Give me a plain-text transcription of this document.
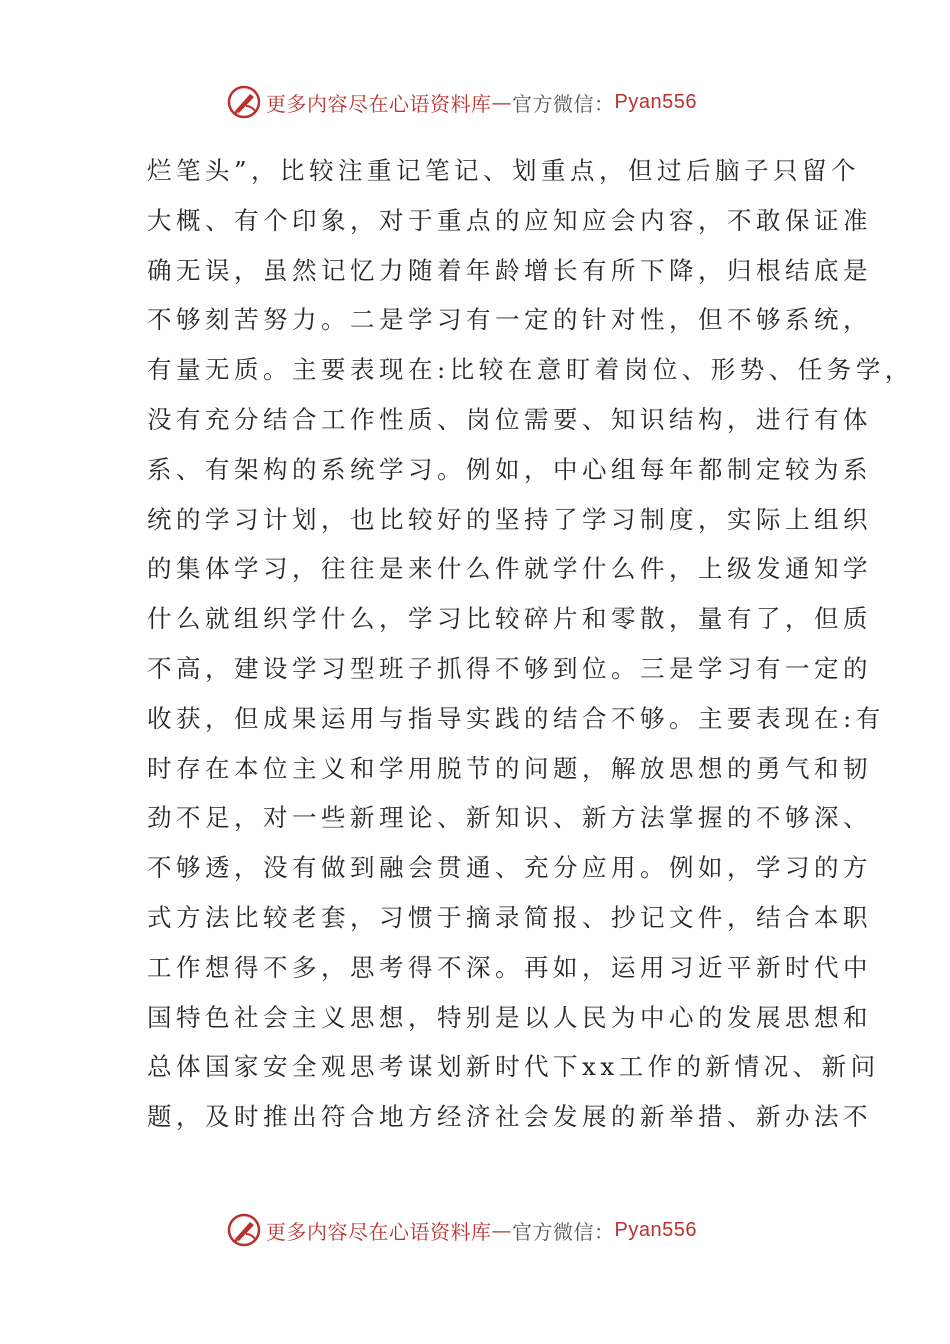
更多内容尽在心语资料库 — 官方微信： Pyan556
烂笔头”，比较注重记笔记、划重点，但过后脑子只留个
大概、有个印象，对于重点的应知应会内容，不敢保证准
确无误，虽然记忆力随着年龄增长有所下降，归根结底是
不够刻苦努力。二是学习有一定的针对性，但不够系统，
有量无质。主要表现在:比较在意盯着岗位、形势、任务学，
没有充分结合工作性质、岗位需要、知识结构，进行有体
系、有架构的系统学习。例如，中心组每年都制定较为系
统的学习计划，也比较好的坚持了学习制度，实际上组织
的集体学习，往往是来什么件就学什么件，上级发通知学
什么就组织学什么，学习比较碎片和零散，量有了，但质
不高，建设学习型班子抓得不够到位。三是学习有一定的
收获，但成果运用与指导实践的结合不够。主要表现在:有
时存在本位主义和学用脱节的问题，解放思想的勇气和韧
劲不足，对一些新理论、新知识、新方法掌握的不够深、
不够透，没有做到融会贯通、充分应用。例如，学习的方
式方法比较老套，习惯于摘录简报、抄记文件，结合本职
工作想得不多，思考得不深。再如，运用习近平新时代中
国特色社会主义思想，特别是以人民为中心的发展思想和
总体国家安全观思考谋划新时代下xx工作的新情况、新问
题，及时推出符合地方经济社会发展的新举措、新办法不
更多内容尽在心语资料库 — 官方微信： Pyan556
